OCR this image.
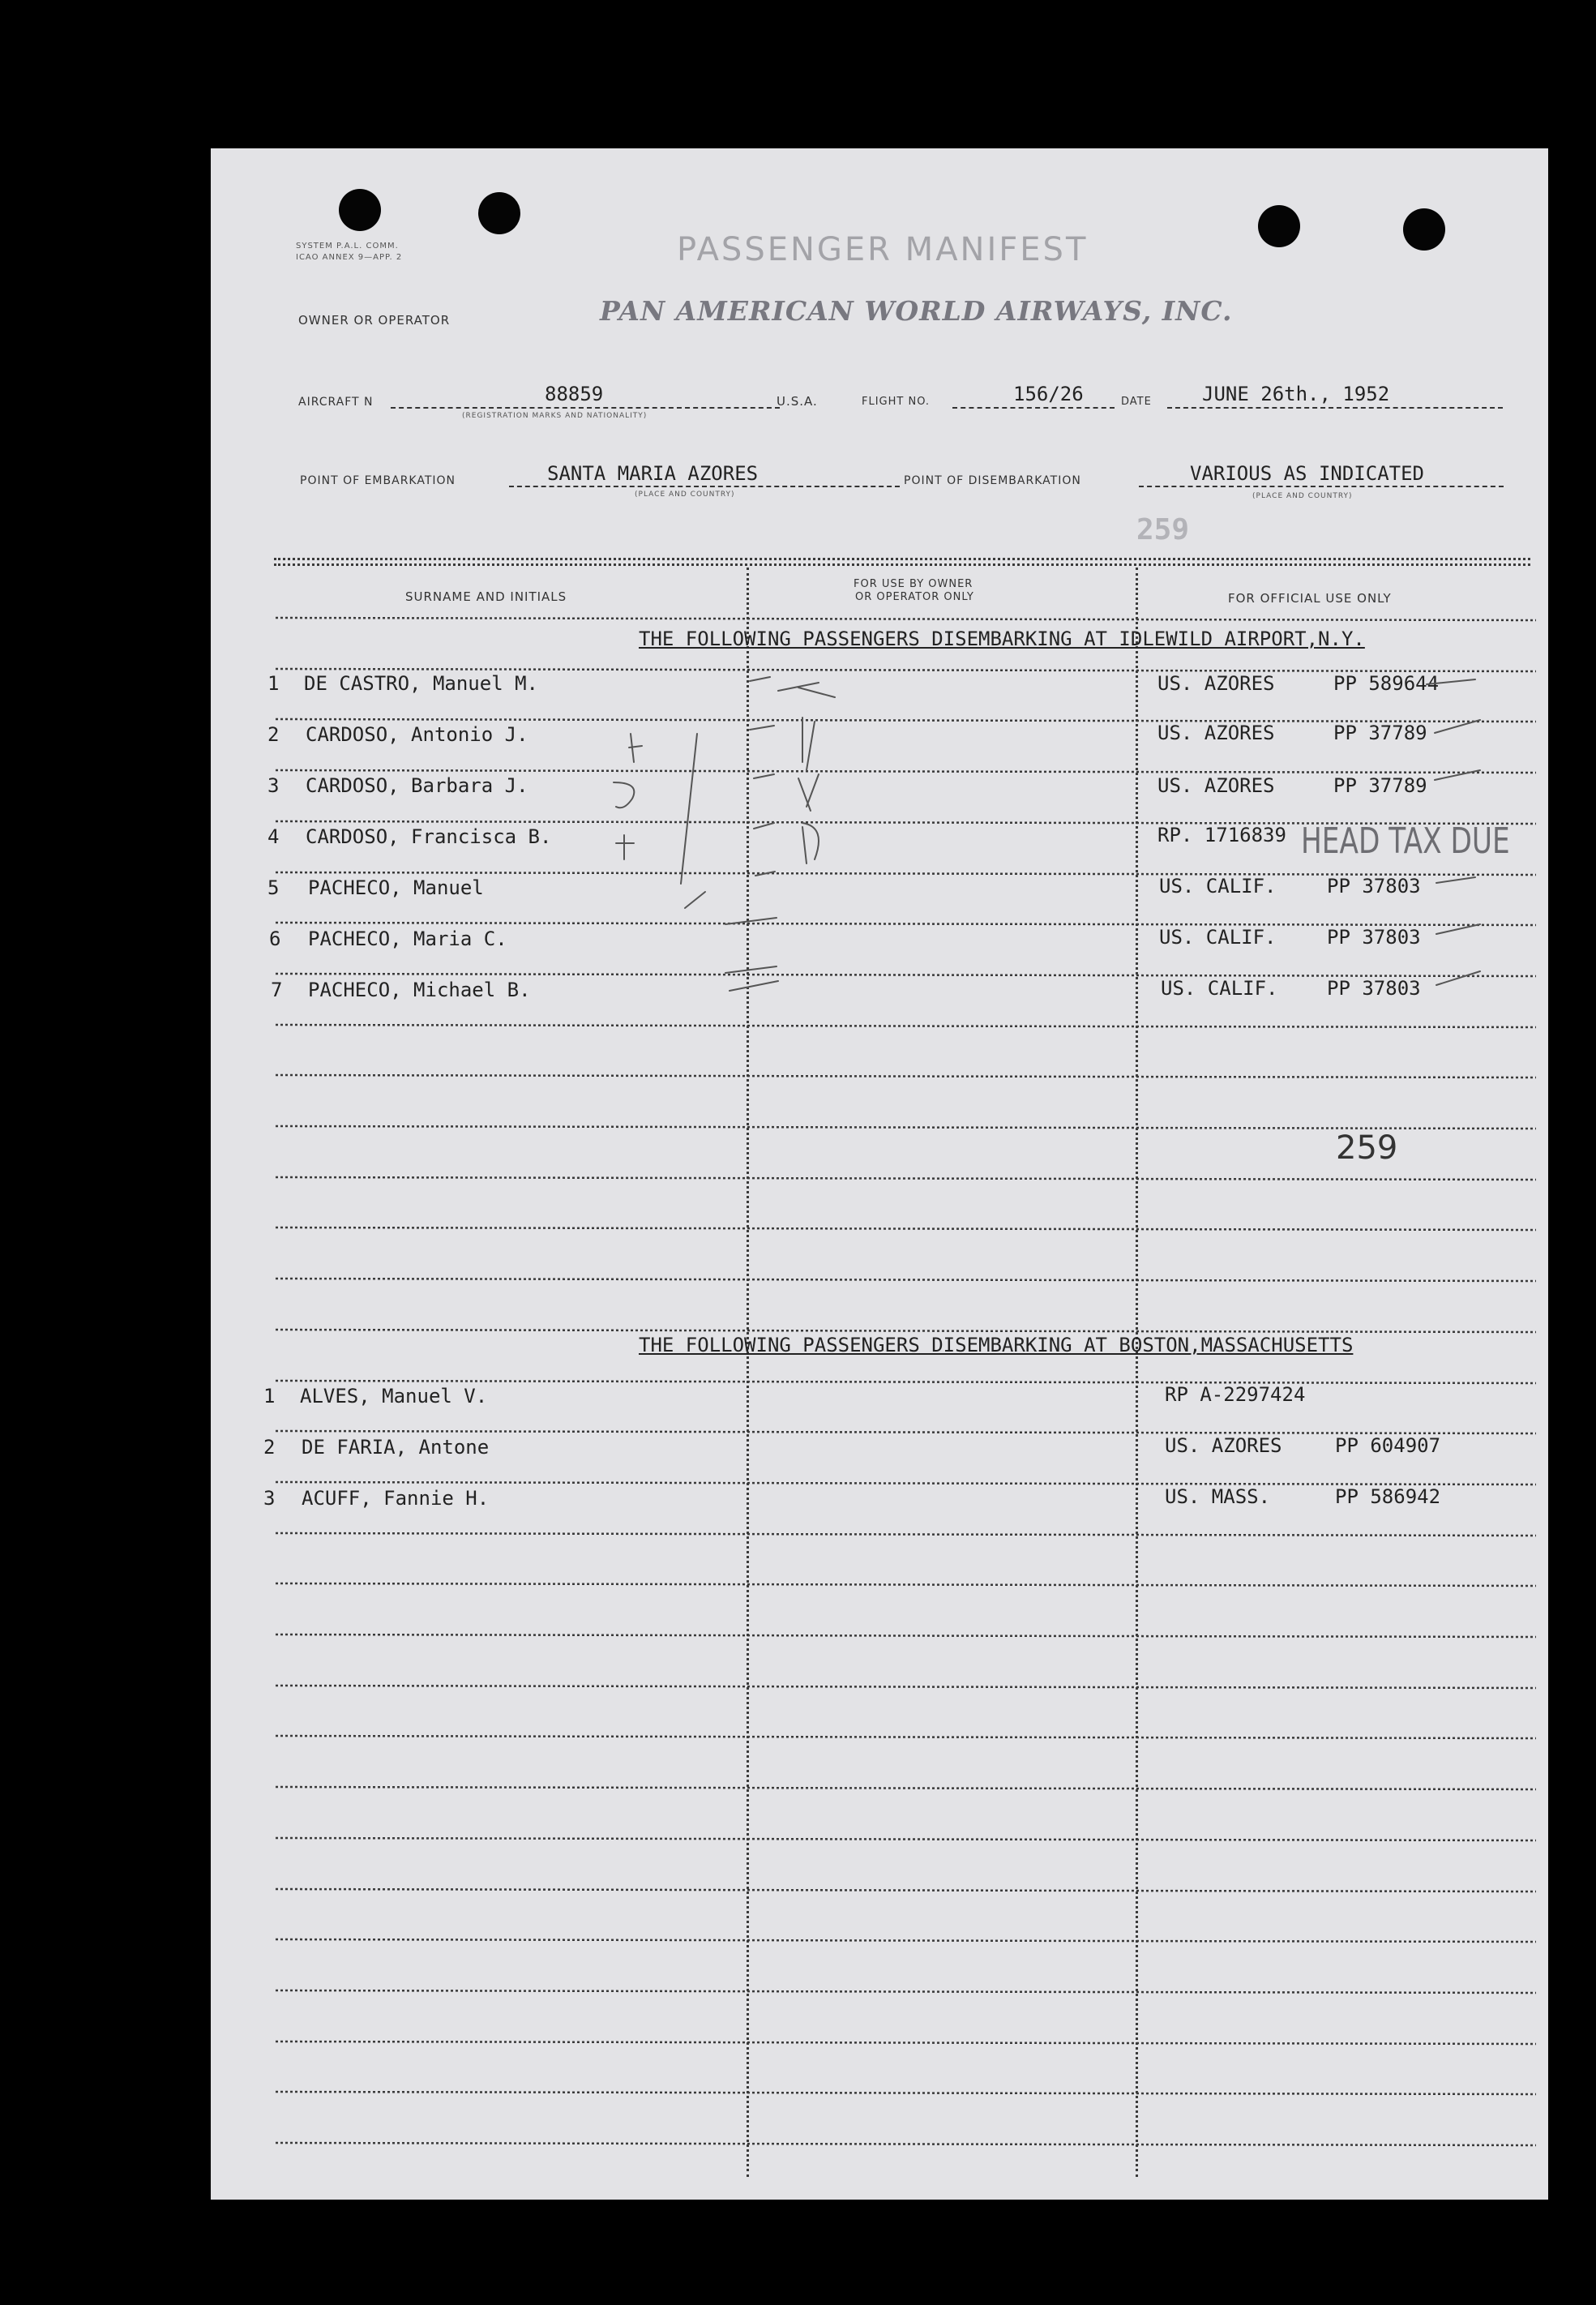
SYSTEM P.A.L. COMM.
ICAO ANNEX 9—APP. 2	PASSENGER MANIFEST
OWNER OR OPERATOR	PAN AMERICAN WORLD AIRWAYS, INC.
AIRCRAFT N	88859
(REGISTRATION MARKS AND NATIONALITY)
U.S.A.	FLIGHT NO.	156/26	DATE	JUNE 26th., 1952
POINT OF EMBARKATION	SANTA MARIA AZORES
(PLACE AND COUNTRY)
POINT OF DISEMBARKATION	VARIOUS AS INDICATED
(PLACE AND COUNTRY)
259
SURNAME AND INITIALS
FOR USE BY OWNER
OR OPERATOR ONLY	FOR OFFICIAL USE ONLY
THE FOLLOWING PASSENGERS DISEMBARKING AT IDLEWILD AIRPORT,N.Y.
1 DE CASTRO, Manuel M.	US. AZORES	PP 589644
2 CARDOSO, Antonio J.	US. AZORES	PP 37789
3 CARDOSO, Barbara J.	US. AZORES	PP 37789
4 CARDOSO, Francisca B.	RP. 1716839
5 PACHECO, Manuel	US. CALIF.	PP 37803
6 PACHECO, Maria C.	US. CALIF.	PP 37803
7 PACHECO, Michael B.	US. CALIF.	PP 37803
HEAD TAX DUE
259
THE FOLLOWING PASSENGERS DISEMBARKING AT BOSTON,MASSACHUSETTS
1 ALVES, Manuel V.	RP A-2297424
2 DE FARIA, Antone	US. AZORES	PP 604907
3 ACUFF, Fannie H.	US. MASS.	PP 586942
